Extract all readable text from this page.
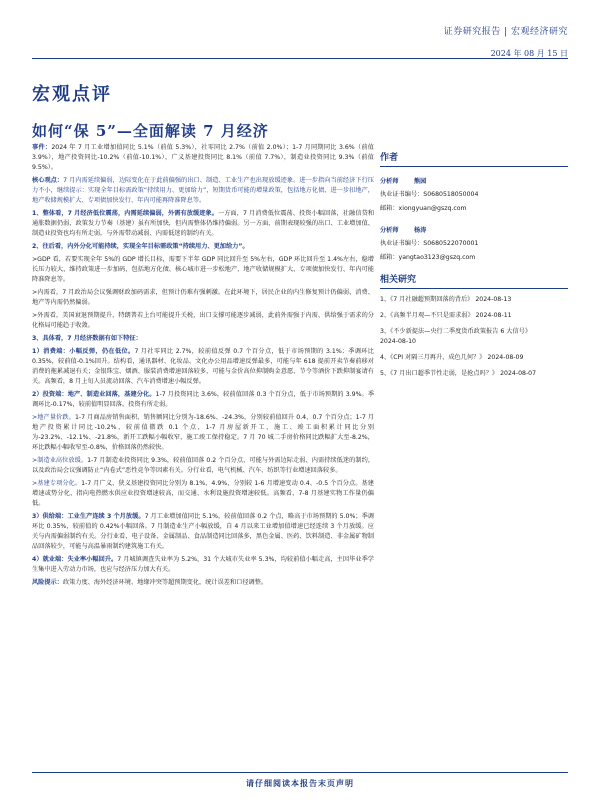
证券研究报告 | 宏观经济研究
2024 年 08 月 15 日
宏观点评
如何“保 5”—全面解读 7 月经济

事件：2024 年 7 月工业增加值同比 5.1%（前值 5.3%），社零同比 2.7%（前值 2.0%）；1-7 月同期同比 3.6%（前值 3.9%），地产投资同比-10.2%（前值-10.1%），广义基建投资同比 8.1%（前值 7.7%），制造业投资同比 9.3%（前值 9.5%）。

核心观点：7 月内需延续偏弱，边际变化在于此前偏强的出口、制造、工业生产也出现放缓迹象。进一步指向当前经济下行压力不小，继续提示：实现全年目标需政策“持续用力、更加给力”，短期货币可能的增量政策，包括地方化债、进一步扣地产，地产收储规模扩大、专项债加快发行、年内可能再降准降息等。

1、整体看，7 月经济低位震荡，内需延续偏弱，外需有放缓迹象。一方面，7 月消费低位震荡、投资小幅回落，社融信贷和通胀数据仍弱，政策发力节奏（基建）虽有所加快，但内需整体仍维持偏弱。另一方面，前期表现较强的出口、工业增加值、制造业投资也均有所走弱，与外需带动减弱、内需低迷的制约有关。

2、往后看，内外分化可能持续，实现全年目标需政策“持续用力、更加给力”。

>GDP 看，若要实现全年 5%的 GDP 增长目标，需要下半年 GDP 同比回升至 5%左右，GDP 环比回升至 1.4%左右，稳增长压力较大，维持政策进一步加码，包括地方化债、核心城市进一步松地产、地产收储规模扩大、专项债加快发行、年内可能降准降息等。

>内需看，7 月政治局会议强调财政加码需求，但预计仍难有强刺激。在此环境下，居民企业的内生修复预计仍偏弱，消费、地产等内需仍然偏弱。

>外需看，美国衰退预期提升，特朗普若上台可能提升关税，出口支撑可能逐步减弱，此前外需强于内需、供给强于需求的分化格局可能趋于收敛。

3、具体看，7 月经济数据有如下特征：

1）消费端：小幅反弹，仍在低位。7 月社零同比 2.7%，较前值反弹 0.7 个百分点，低于市场预期的 3.1%；季调环比 0.35%，较前值-0.1%回升。结构看，通讯器材、化妆品、文化办公用品增速反弹最多，可能与年 618 提前开卖节奏前移对消费的拖累减退有关；金银珠宝、烟酒、服装消费增速回落较多，可能与金价高位抑制购金意愿、节令等酒价下跌抑制宴请有关。高频看，8 月上旬人员流动回落、汽车消费增速小幅反弹。

2）投资端：地产、制造业回落，基建分化。1-7 月投资同比 3.6%，较前值回落 0.3 个百分点，低于市场预期的 3.9%。季调环比-0.17%，较前值明显回落。投资有所走弱。

>地产量价跌。1-7 月商品房销售面积、销售额同比分别为-18.6%、-24.3%，分别较前值回升 0.4、0.7 个百分点；1-7 月地产投资累计同比-10.2%，较前值微跌 0.1 个点，1-7 月房屋新开工、施工、竣工面积累计同比分别为-23.2%、-12.1%、-21.8%，新开工跌幅小幅收窄，施工竣工保持稳定。7 月 70 城二手房价格同比跌幅扩大至-8.2%，环比跌幅小幅收窄至-0.8%，价格回落仍然较快。

>制造业高位放缓。1-7 月制造业投资同比 9.3%，较前值回落 0.2 个百分点，可能与外需边际走弱、内需持续低迷的制约，以及政治局会议强调防止“内卷式”恶性竞争等因素有关。分行业看，电气机械、汽车、纺织等行业增速回落较多。

>基建专项分化。1-7 月广义、狭义基建投资同比分别为 8.1%、4.9%，分别较 1-6 月增速变动 0.4、-0.5 个百分点。基建增速或势分化，指向电热燃水供应业投资增速较高，而交通、水利设施投资增速较低。高频看，7-8 月基建实物工作量仍偏低。

3）供给端：工业生产连续 3 个月放缓。7 月工业增加值同比 5.1%，较前值回落 0.2 个点，略高于市场预期的 5.0%；季调环比 0.35%，较前值的 0.42%小幅回落。7 月制造业生产小幅放缓，自 4 月以来工业增加值增速已经连续 3 个月放缓。应关与内需偏弱制约有关。分行业看，电子设备、金属制品、食品制造同比回落多，黑色金属、医药、饮料制造、非金属矿物制品回落较少，可能与高温暴雨制约建筑施工有关。

4）就业端：失业率小幅回升。7 月城镇调查失业率为 5.2%，31 个大城市失业率 5.3%，均较前值小幅走高，主因毕业季学生集中进入劳动力市场，也应与经济压力加大有关。

风险提示：政策力度、海外经济环境、地缘冲突等超预期变化，统计误差和口径调整。

作者
分析师	熊园
执业证书编号：S0680518050004
邮箱：xiongyuan@gszq.com
分析师	杨涛
执业证书编号：S0680522070001
邮箱：yangtao3123@gszq.com
相关研究
1、《7 月社融超预期回落的背后》 2024-08-13
2、《高频半月观—不只是需求弱》 2024-08-11
3、《不少新提法—央行二季度货币政策报告 6 大信号》 2024-08-10
4、《CPI 对隔三月再升，成色几何？》 2024-08-09
5、《7 月出口超季节性走弱，是抢点吗？》 2024-08-07
请仔细阅读本报告末页声明
